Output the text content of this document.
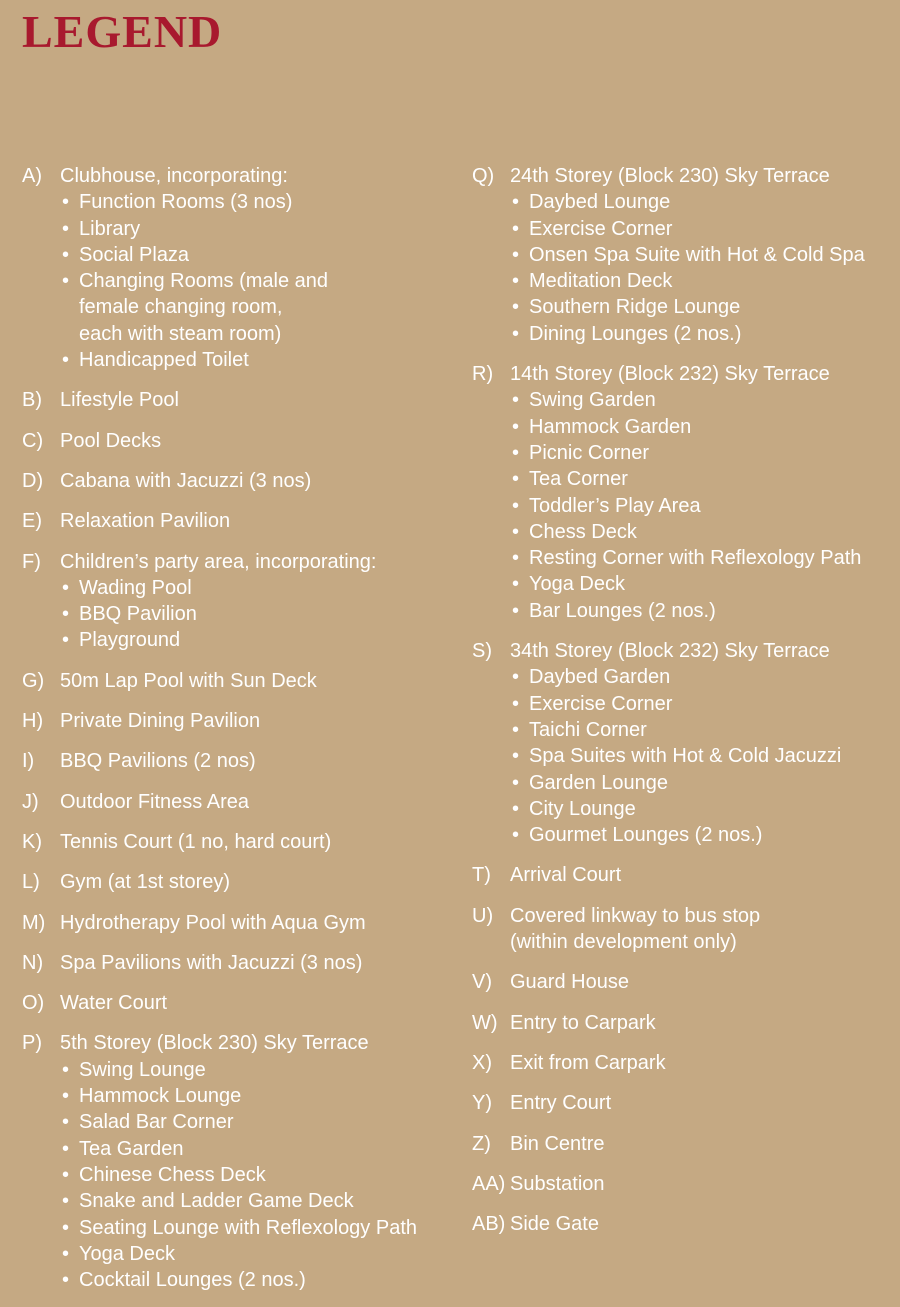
LEGEND
A) Clubhouse, incorporating:
• Function Rooms (3 nos)
• Library
• Social Plaza
• Changing Rooms (male and
female changing room,
each with steam room)
• Handicapped Toilet
B) Lifestyle Pool
C) Pool Decks
D) Cabana with Jacuzzi (3 nos)
E) Relaxation Pavilion
F) Children’s party area, incorporating:
• Wading Pool
• BBQ Pavilion
• Playground
G) 50m Lap Pool with Sun Deck
H) Private Dining Pavilion
I) BBQ Pavilions (2 nos)
J) Outdoor Fitness Area
K) Tennis Court (1 no, hard court)
L) Gym (at 1st storey)
M) Hydrotherapy Pool with Aqua Gym
N) Spa Pavilions with Jacuzzi (3 nos)
O) Water Court
P) 5th Storey (Block 230) Sky Terrace
• Swing Lounge
• Hammock Lounge
• Salad Bar Corner
• Tea Garden
• Chinese Chess Deck
• Snake and Ladder Game Deck
• Seating Lounge with Reflexology Path
• Yoga Deck
• Cocktail Lounges (2 nos.)
Q) 24th Storey (Block 230) Sky Terrace
• Daybed Lounge
• Exercise Corner
• Onsen Spa Suite with Hot & Cold Spa
• Meditation Deck
• Southern Ridge Lounge
• Dining Lounges (2 nos.)
R) 14th Storey (Block 232) Sky Terrace
• Swing Garden
• Hammock Garden
• Picnic Corner
• Tea Corner
• Toddler’s Play Area
• Chess Deck
• Resting Corner with Reflexology Path
• Yoga Deck
• Bar Lounges (2 nos.)
S) 34th Storey (Block 232) Sky Terrace
• Daybed Garden
• Exercise Corner
• Taichi Corner
• Spa Suites with Hot & Cold Jacuzzi
• Garden Lounge
• City Lounge
• Gourmet Lounges (2 nos.)
T) Arrival Court
U) Covered linkway to bus stop
(within development only)
V) Guard House
W) Entry to Carpark
X) Exit from Carpark
Y) Entry Court
Z) Bin Centre
AA) Substation
AB) Side Gate
